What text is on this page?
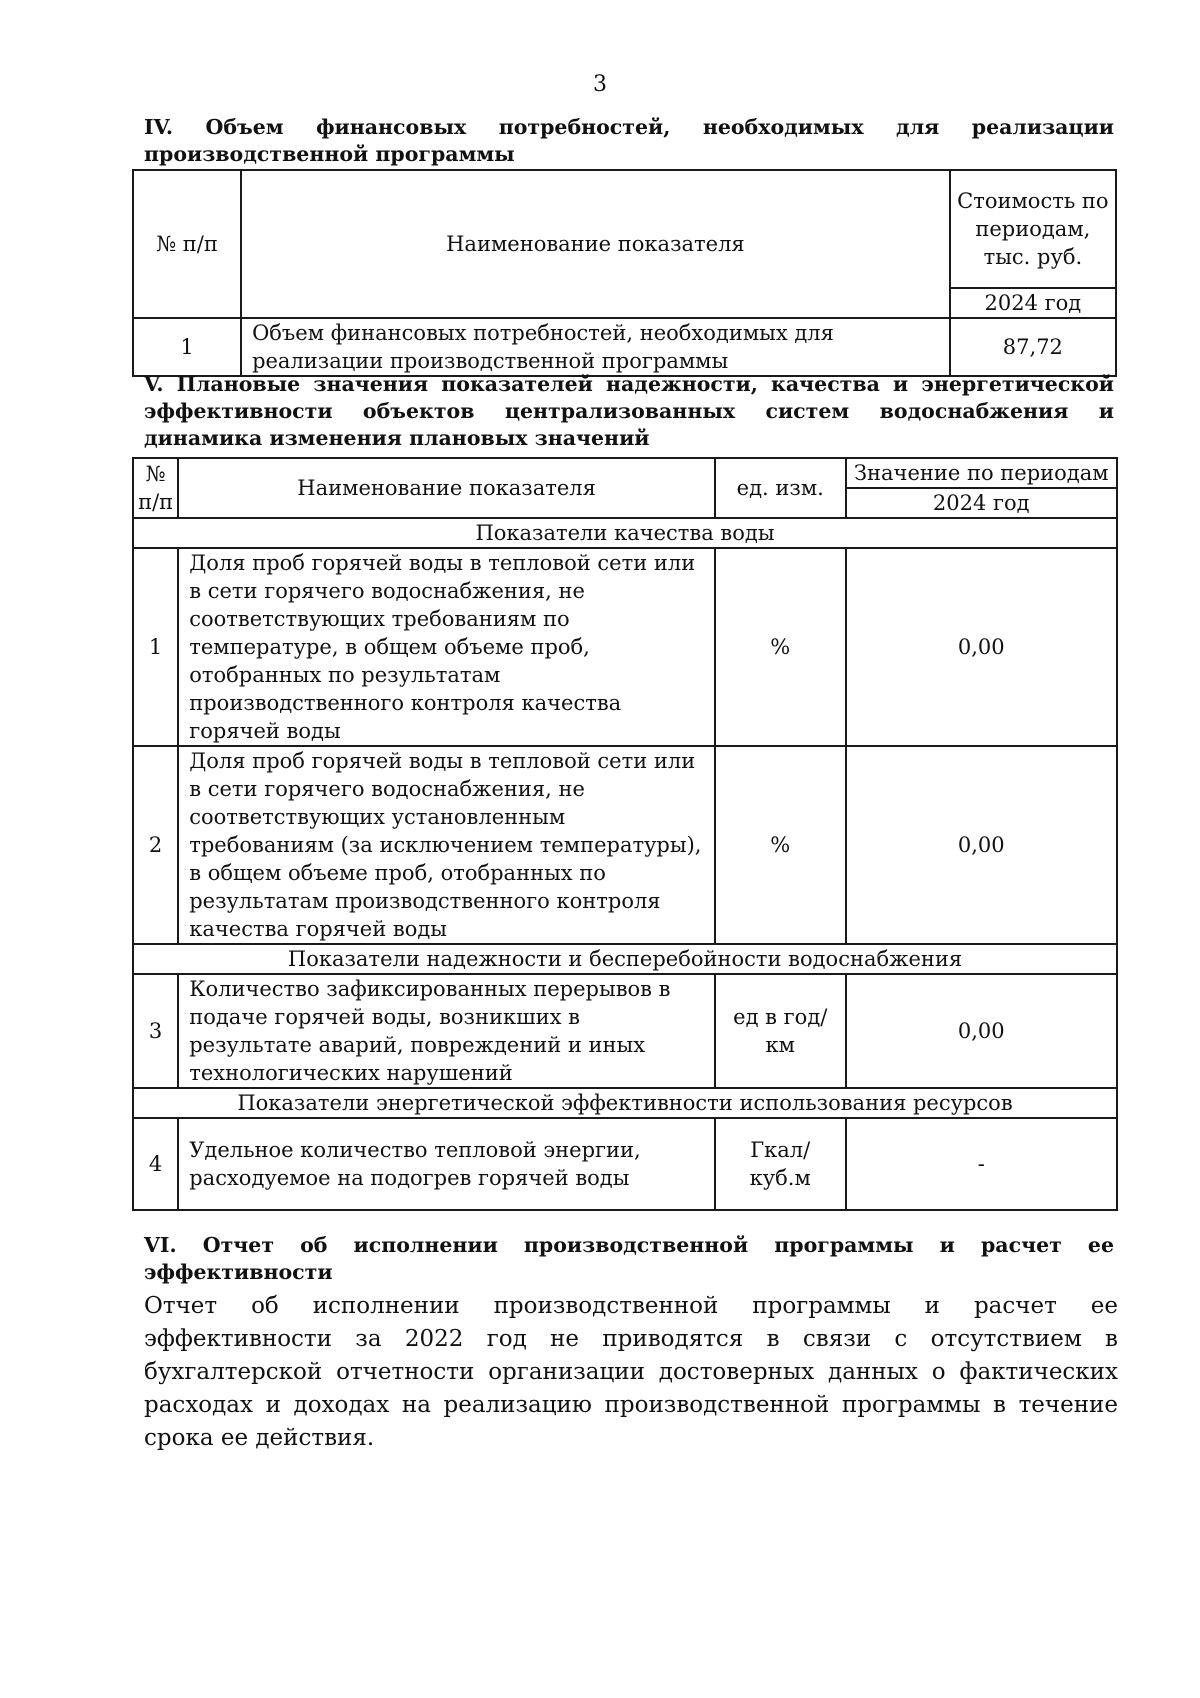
3
IV. Объем финансовых потребностей, необходимых для реализации производственной программы
№ п/п	Наименование показателя	Стоимость по периодам, тыс. руб.
		2024 год
1	Объем финансовых потребностей, необходимых для реализации производственной программы	87,72
V. Плановые значения показателей надежности, качества и энергетической эффективности объектов централизованных систем водоснабжения и динамика изменения плановых значений
№ п/п	Наименование показателя	ед. изм.	Значение по периодам
			2024 год
Показатели качества воды			
1	Доля проб горячей воды в тепловой сети или в сети горячего водоснабжения, не соответствующих требованиям по температуре, в общем объеме проб, отобранных по результатам производственного контроля качества горячей воды	%	0,00
2	Доля проб горячей воды в тепловой сети или в сети горячего водоснабжения, не соответствующих установленным требованиям (за исключением температуры), в общем объеме проб, отобранных по результатам производственного контроля качества горячей воды	%	0,00
Показатели надежности и бесперебойности водоснабжения			
3	Количество зафиксированных перерывов в подаче горячей воды, возникших в результате аварий, повреждений и иных технологических нарушений	ед в год/ км	0,00
Показатели энергетической эффективности использования ресурсов			
4	Удельное количество тепловой энергии, расходуемое на подогрев горячей воды	Гкал/куб.м	-
VI. Отчет об исполнении производственной программы и расчет ее эффективности
Отчет об исполнении производственной программы и расчет ее эффективности за 2022 год не приводятся в связи с отсутствием в бухгалтерской отчетности организации достоверных данных о фактических расходах и доходах на реализацию производственной программы в течение срока ее действия.
